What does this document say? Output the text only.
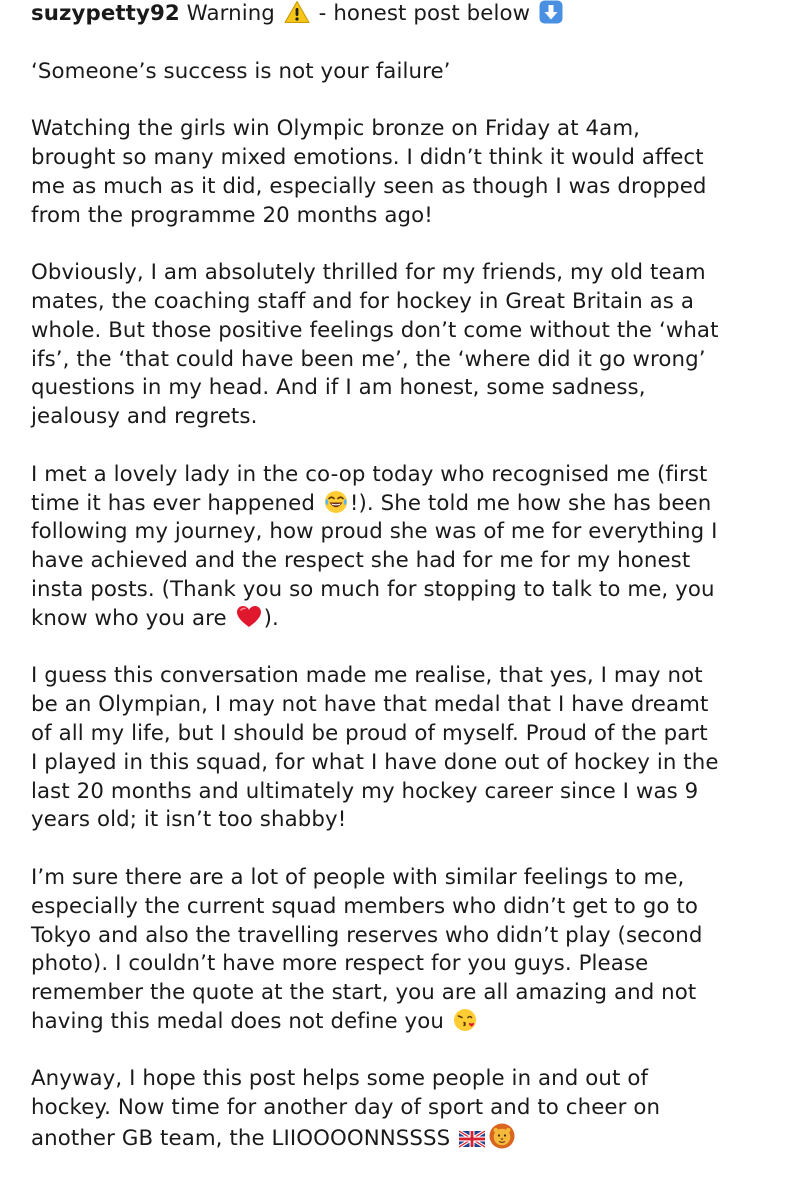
suzypetty92 Warning
- honest post below

‘Someone’s success is not your failure’

Watching the girls win Olympic bronze on Friday at 4am,
brought so many mixed emotions. I didn’t think it would affect
me as much as it did, especially seen as though I was dropped
from the programme 20 months ago!

Obviously, I am absolutely thrilled for my friends, my old team
mates, the coaching staff and for hockey in Great Britain as a
whole. But those positive feelings don’t come without the ‘what
ifs’, the ‘that could have been me’, the ‘where did it go wrong’
questions in my head. And if I am honest, some sadness,
jealousy and regrets.

I met a lovely lady in the co-op today who recognised me (first
time it has ever happened
!). She told me how she has been
following my journey, how proud she was of me for everything I
have achieved and the respect she had for me for my honest
insta posts. (Thank you so much for stopping to talk to me, you
know who you are
).

I guess this conversation made me realise, that yes, I may not
be an Olympian, I may not have that medal that I have dreamt
of all my life, but I should be proud of myself. Proud of the part
I played in this squad, for what I have done out of hockey in the
last 20 months and ultimately my hockey career since I was 9
years old; it isn’t too shabby!

I’m sure there are a lot of people with similar feelings to me,
especially the current squad members who didn’t get to go to
Tokyo and also the travelling reserves who didn’t play (second
photo). I couldn’t have more respect for you guys. Please
remember the quote at the start, you are all amazing and not
having this medal does not define you

Anyway, I hope this post helps some people in and out of
hockey. Now time for another day of sport and to cheer on
another GB team, the LIIOOOONNSSSS
